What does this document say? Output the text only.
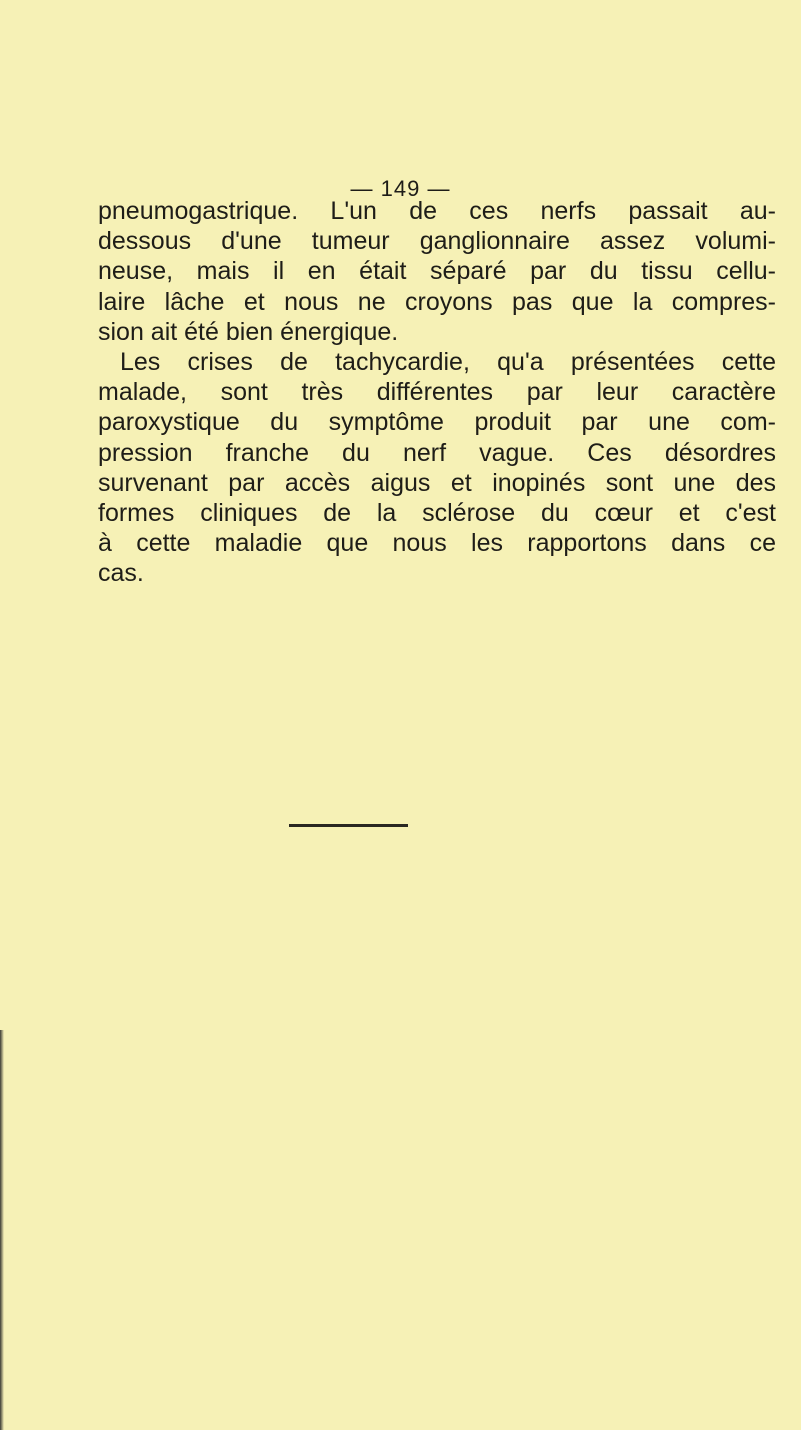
— 149 —
pneumogastrique. L'un de ces nerfs passait au-
dessous d'une tumeur ganglionnaire assez volumi-
neuse, mais il en était séparé par du tissu cellu-
laire lâche et nous ne croyons pas que la compres-
sion ait été bien énergique.
Les crises de tachycardie, qu'a présentées cette
malade, sont très différentes par leur caractère
paroxystique du symptôme produit par une com-
pression franche du nerf vague. Ces désordres
survenant par accès aigus et inopinés sont une des
formes cliniques de la sclérose du cœur et c'est
à cette maladie que nous les rapportons dans ce
cas.
